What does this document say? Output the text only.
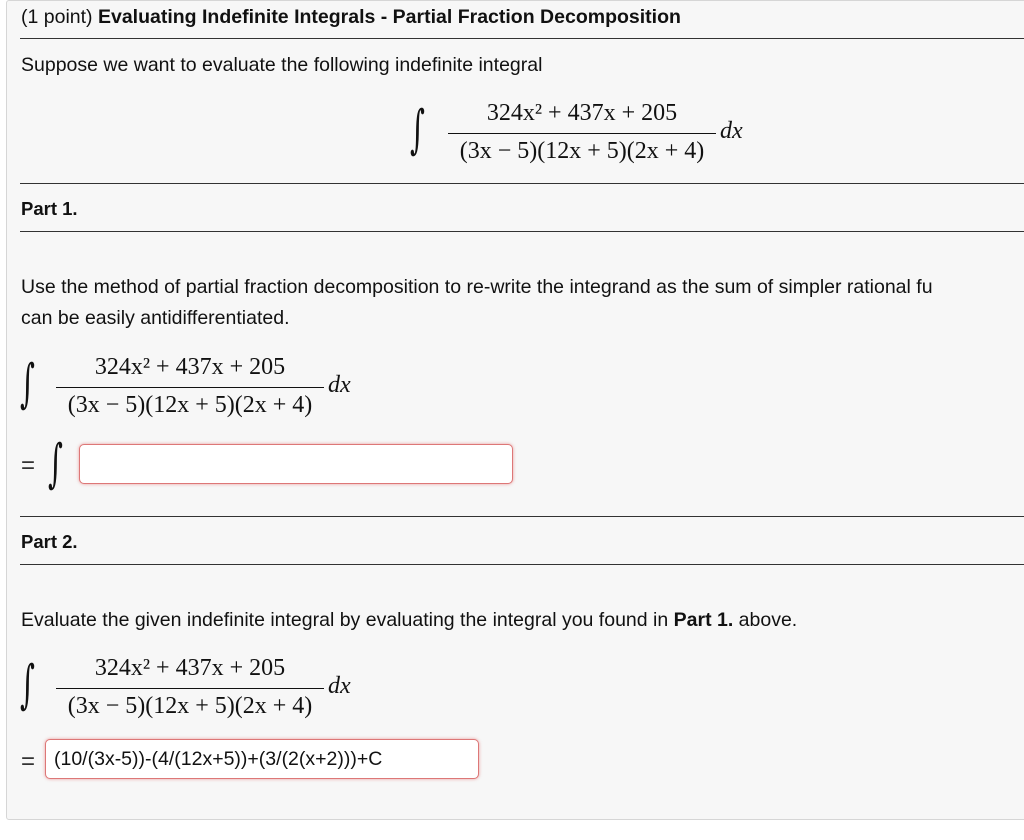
(1 point) Evaluating Indefinite Integrals - Partial Fraction Decomposition
Suppose we want to evaluate the following indefinite integral
∫	324x² + 437x + 205
(3x − 5)(12x + 5)(2x + 4)
dx
Part 1.
Use the method of partial fraction decomposition to re-write the integrand as the sum of simpler rational fu
can be easily antidifferentiated.
∫	324x² + 437x + 205
(3x − 5)(12x + 5)(2x + 4)
dx
= ∫
Part 2.
Evaluate the given indefinite integral by evaluating the integral you found in Part 1. above.
∫	324x² + 437x + 205
(3x − 5)(12x + 5)(2x + 4)
dx
=
(10/(3x-5))-(4/(12x+5))+(3/(2(x+2)))+C
